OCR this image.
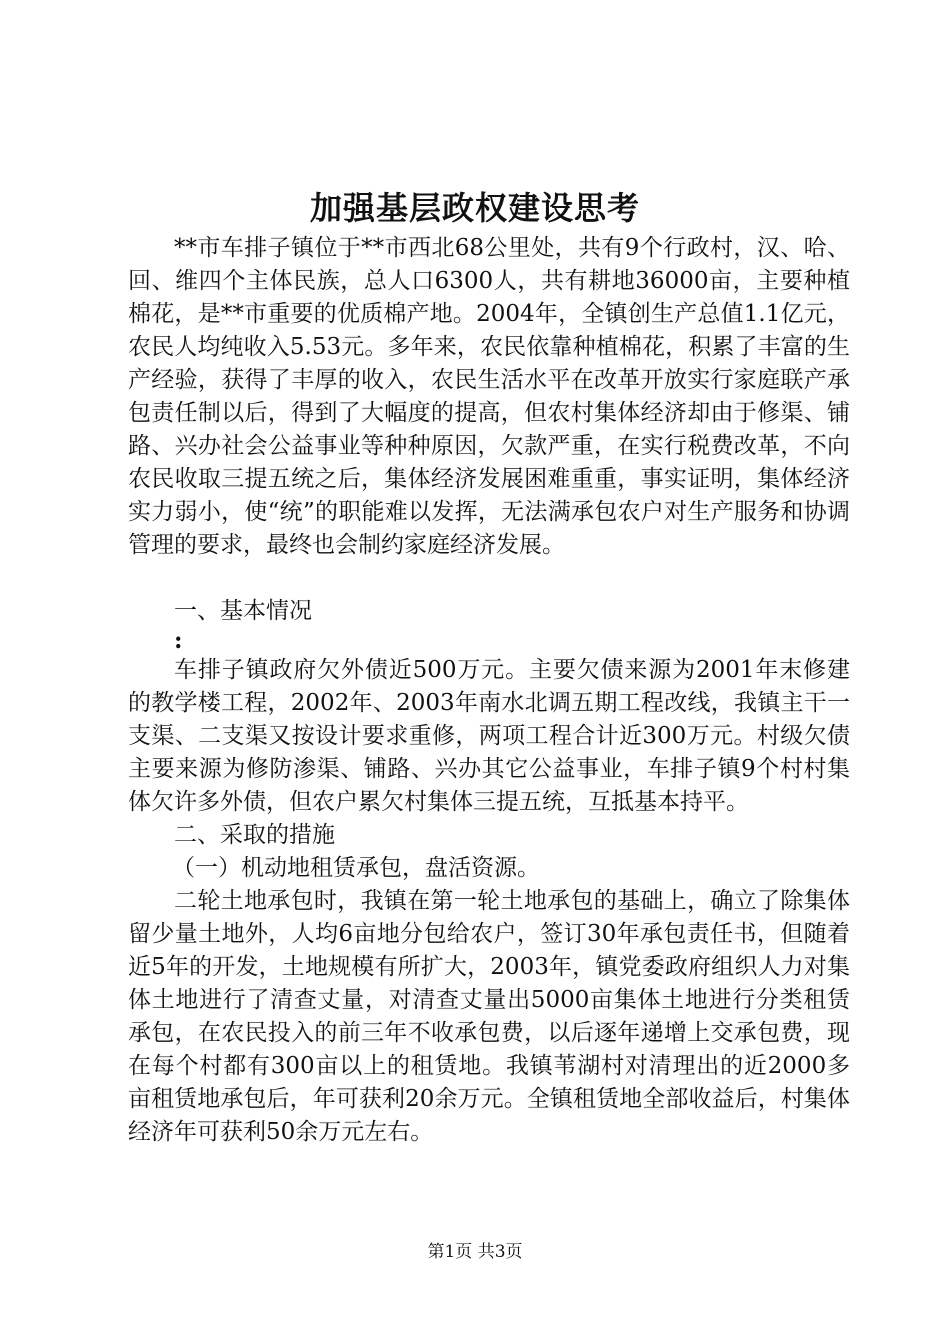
加强基层政权建设思考

**市车排子镇位于**市西北68公里处，共有9个行政村，汉、哈、回、维四个主体民族，总人口6300人，共有耕地36000亩，主要种植棉花，是**市重要的优质棉产地。2004年，全镇创生产总值1.1亿元，农民人均纯收入5.53元。多年来，农民依靠种植棉花，积累了丰富的生产经验，获得了丰厚的收入，农民生活水平在改革开放实行家庭联产承包责任制以后，得到了大幅度的提高，但农村集体经济却由于修渠、铺路、兴办社会公益事业等种种原因，欠款严重，在实行税费改革，不向农民收取三提五统之后，集体经济发展困难重重，事实证明，集体经济实力弱小，使“统”的职能难以发挥，无法满承包农户对生产服务和协调管理的要求，最终也会制约家庭经济发展。

一、基本情况

:

车排子镇政府欠外债近500万元。主要欠债来源为2001年末修建的教学楼工程，2002年、2003年南水北调五期工程改线，我镇主干一支渠、二支渠又按设计要求重修，两项工程合计近300万元。村级欠债主要来源为修防渗渠、铺路、兴办其它公益事业，车排子镇9个村村集体欠许多外债，但农户累欠村集体三提五统，互抵基本持平。

二、采取的措施

（一）机动地租赁承包，盘活资源。

二轮土地承包时，我镇在第一轮土地承包的基础上，确立了除集体留少量土地外，人均6亩地分包给农户，签订30年承包责任书，但随着近5年的开发，土地规模有所扩大，2003年，镇党委政府组织人力对集体土地进行了清查丈量，对清查丈量出5000亩集体土地进行分类租赁承包，在农民投入的前三年不收承包费，以后逐年递增上交承包费，现在每个村都有300亩以上的租赁地。我镇苇湖村对清理出的近2000多亩租赁地承包后，年可获利20余万元。全镇租赁地全部收益后，村集体经济年可获利50余万元左右。

第1页 共3页
